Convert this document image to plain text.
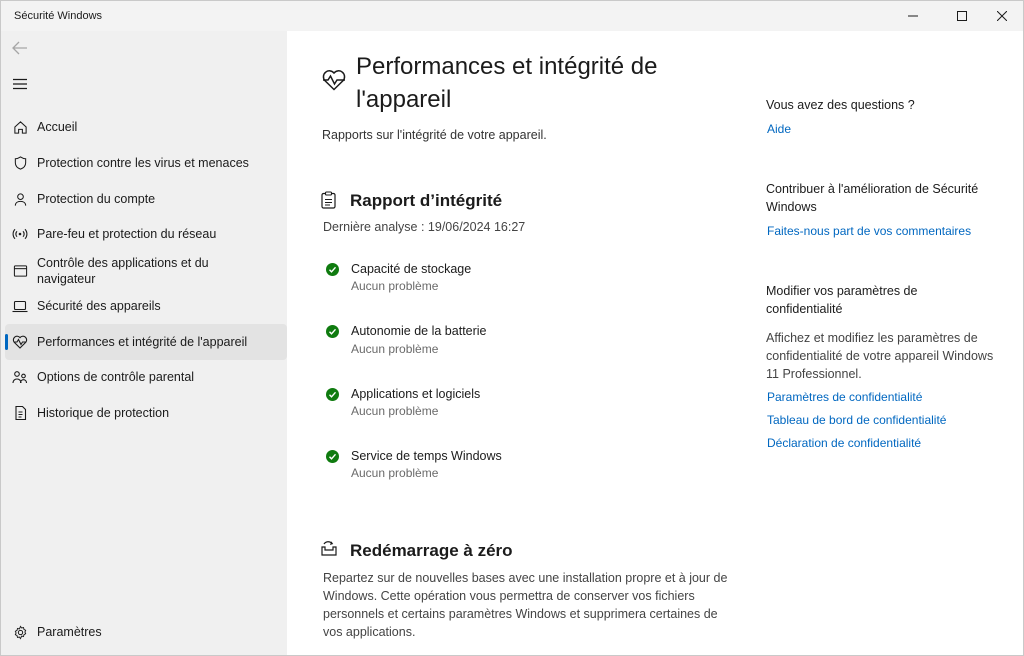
Sécurité Windows
Accueil
Protection contre les virus et menaces
Protection du compte
Pare-feu et protection du réseau
Contrôle des applications et du navigateur
Sécurité des appareils
Performances et intégrité de l'appareil
Options de contrôle parental
Historique de protection
Paramètres
Performances et intégrité de l'appareil

Rapports sur l'intégrité de votre appareil.

Rapport d’intégrité

Dernière analyse : 19/06/2024 16:27

Capacité de stockage
Aucun problème
Autonomie de la batterie
Aucun problème
Applications et logiciels
Aucun problème
Service de temps Windows
Aucun problème
Redémarrage à zéro

Repartez sur de nouvelles bases avec une installation propre et à jour de Windows. Cette opération vous permettra de conserver vos fichiers personnels et certains paramètres Windows et supprimera certaines de vos applications.

Vous avez des questions ?

Aide

Contribuer à l'amélioration de Sécurité Windows

Faites-nous part de vos commentaires

Modifier vos paramètres de confidentialité

Affichez et modifiez les paramètres de confidentialité de votre appareil Windows 11 Professionnel.

Paramètres de confidentialité
Tableau de bord de confidentialité
Déclaration de confidentialité
